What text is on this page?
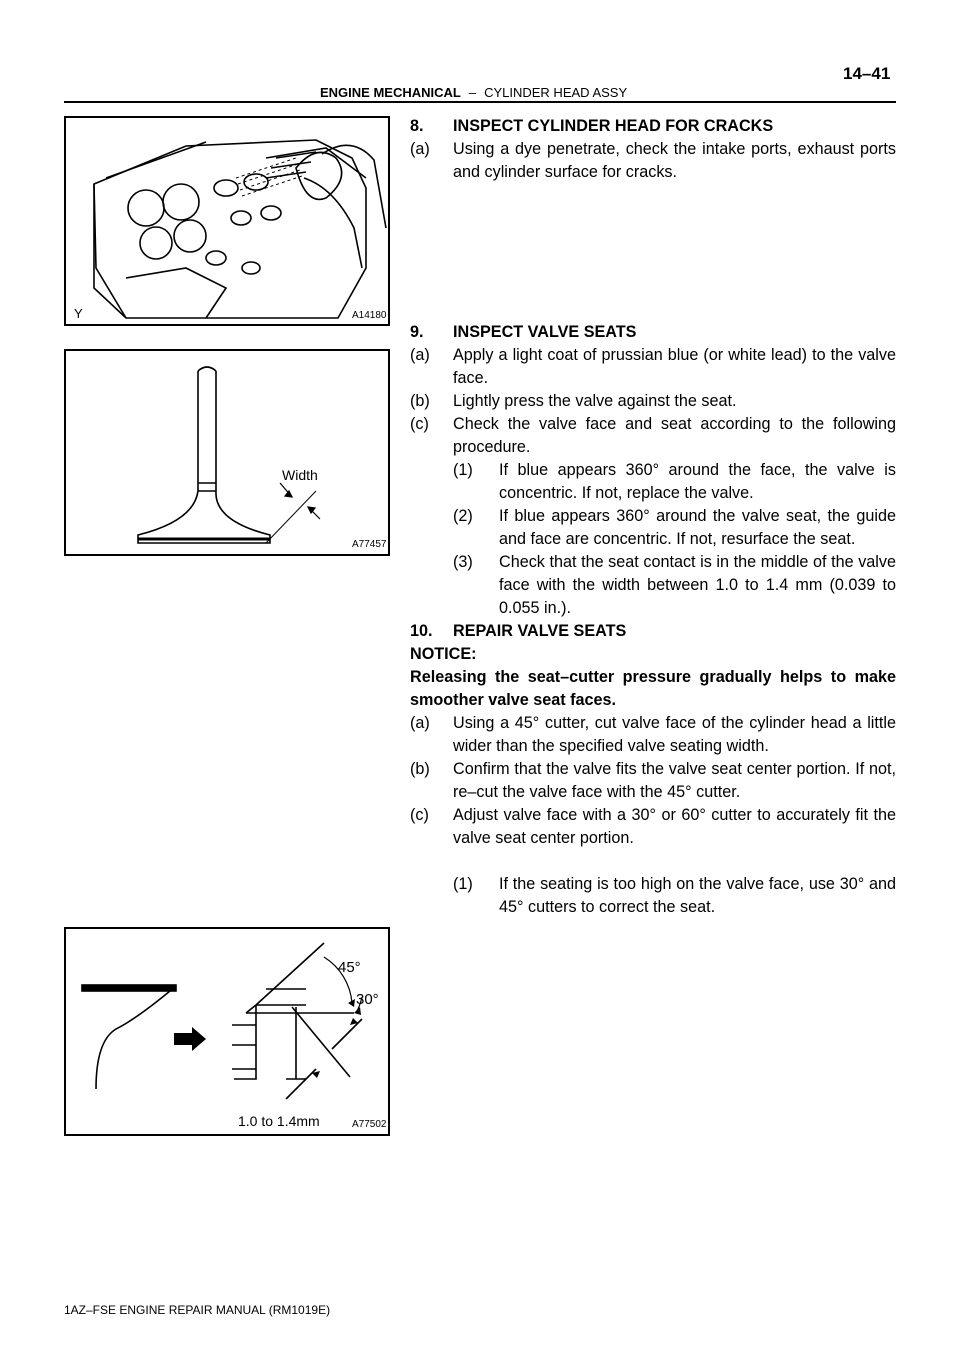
14–41
ENGINE MECHANICAL – CYLINDER HEAD ASSY
Y	A14180
Width
A77457
45°
30°
1.0 to 1.4mm	A77502
8.	INSPECT CYLINDER HEAD FOR CRACKS
(a)	Using a dye penetrate, check the intake ports, exhaust ports and cylinder surface for cracks.
9.	INSPECT VALVE SEATS
(a)	Apply a light coat of prussian blue (or white lead) to the valve face.
(b)	Lightly press the valve against the seat.
(c)	Check the valve face and seat according to the following procedure.
(1)	If blue appears 360° around the face, the valve is concentric. If not, replace the valve.
(2)	If blue appears 360° around the valve seat, the guide and face are concentric. If not, resurface the seat.
(3)	Check that the seat contact is in the middle of the valve face with the width between 1.0 to 1.4 mm (0.039 to 0.055 in.).
10.	REPAIR VALVE SEATS

NOTICE:

Releasing the seat–cutter pressure gradually helps to make smoother valve seat faces.

(a)	Using a 45° cutter, cut valve face of the cylinder head a little wider than the specified valve seating width.
(b)	Confirm that the valve fits the valve seat center portion. If not, re–cut the valve face with the 45° cutter.
(c)	Adjust valve face with a 30° or 60° cutter to accurately fit the valve seat center portion.
(1)	If the seating is too high on the valve face, use 30° and 45° cutters to correct the seat.
1AZ–FSE ENGINE REPAIR MANUAL (RM1019E)
